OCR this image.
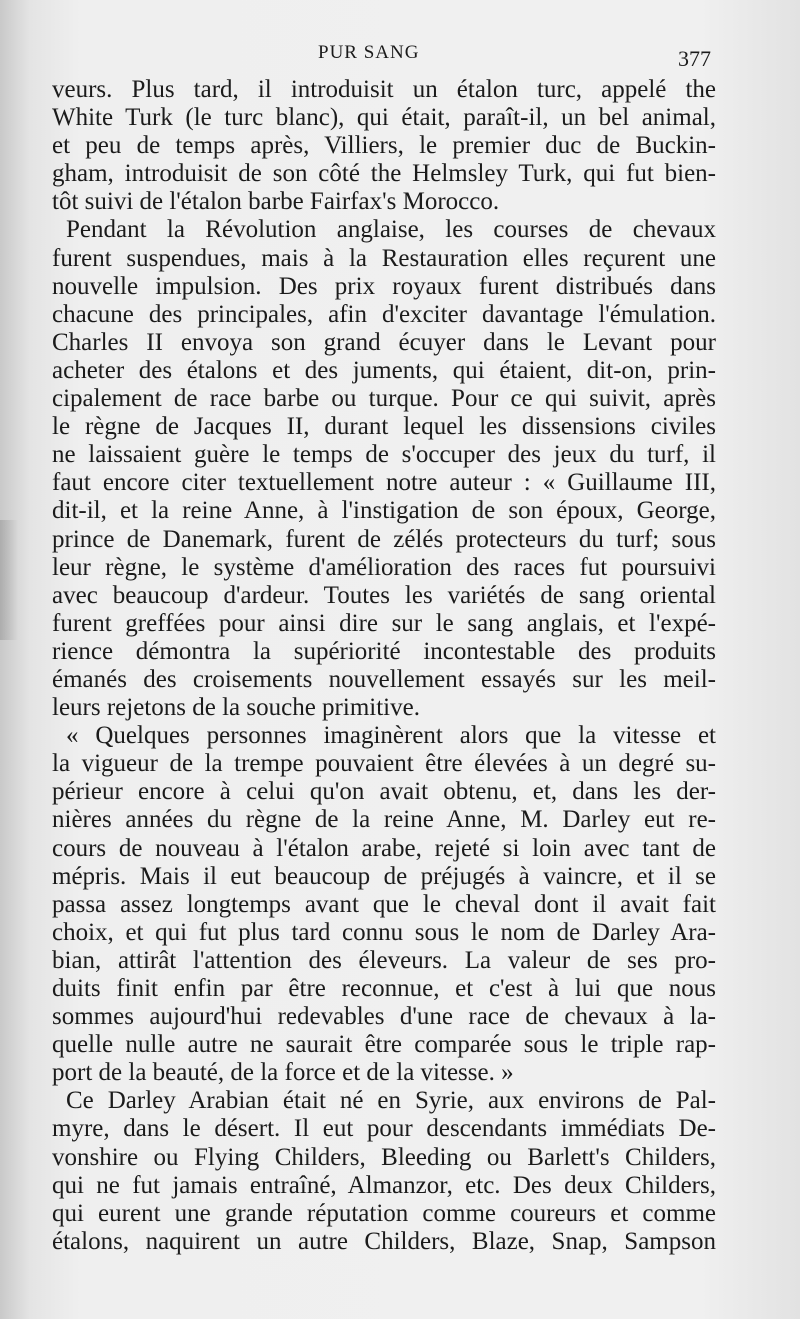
PUR SANG	377
veurs. Plus tard, il introduisit un étalon turc, appelé the
White Turk (le turc blanc), qui était, paraît-il, un bel animal,
et peu de temps après, Villiers, le premier duc de Buckin-
gham, introduisit de son côté the Helmsley Turk, qui fut bien-
tôt suivi de l'étalon barbe Fairfax's Morocco.
Pendant la Révolution anglaise, les courses de chevaux
furent suspendues, mais à la Restauration elles reçurent une
nouvelle impulsion. Des prix royaux furent distribués dans
chacune des principales, afin d'exciter davantage l'émulation.
Charles II envoya son grand écuyer dans le Levant pour
acheter des étalons et des juments, qui étaient, dit-on, prin-
cipalement de race barbe ou turque. Pour ce qui suivit, après
le règne de Jacques II, durant lequel les dissensions civiles
ne laissaient guère le temps de s'occuper des jeux du turf, il
faut encore citer textuellement notre auteur : « Guillaume III,
dit-il, et la reine Anne, à l'instigation de son époux, George,
prince de Danemark, furent de zélés protecteurs du turf; sous
leur règne, le système d'amélioration des races fut poursuivi
avec beaucoup d'ardeur. Toutes les variétés de sang oriental
furent greffées pour ainsi dire sur le sang anglais, et l'expé-
rience démontra la supériorité incontestable des produits
émanés des croisements nouvellement essayés sur les meil-
leurs rejetons de la souche primitive.
« Quelques personnes imaginèrent alors que la vitesse et
la vigueur de la trempe pouvaient être élevées à un degré su-
périeur encore à celui qu'on avait obtenu, et, dans les der-
nières années du règne de la reine Anne, M. Darley eut re-
cours de nouveau à l'étalon arabe, rejeté si loin avec tant de
mépris. Mais il eut beaucoup de préjugés à vaincre, et il se
passa assez longtemps avant que le cheval dont il avait fait
choix, et qui fut plus tard connu sous le nom de Darley Ara-
bian, attirât l'attention des éleveurs. La valeur de ses pro-
duits finit enfin par être reconnue, et c'est à lui que nous
sommes aujourd'hui redevables d'une race de chevaux à la-
quelle nulle autre ne saurait être comparée sous le triple rap-
port de la beauté, de la force et de la vitesse. »
Ce Darley Arabian était né en Syrie, aux environs de Pal-
myre, dans le désert. Il eut pour descendants immédiats De-
vonshire ou Flying Childers, Bleeding ou Barlett's Childers,
qui ne fut jamais entraîné, Almanzor, etc. Des deux Childers,
qui eurent une grande réputation comme coureurs et comme
étalons, naquirent un autre Childers, Blaze, Snap, Sampson
